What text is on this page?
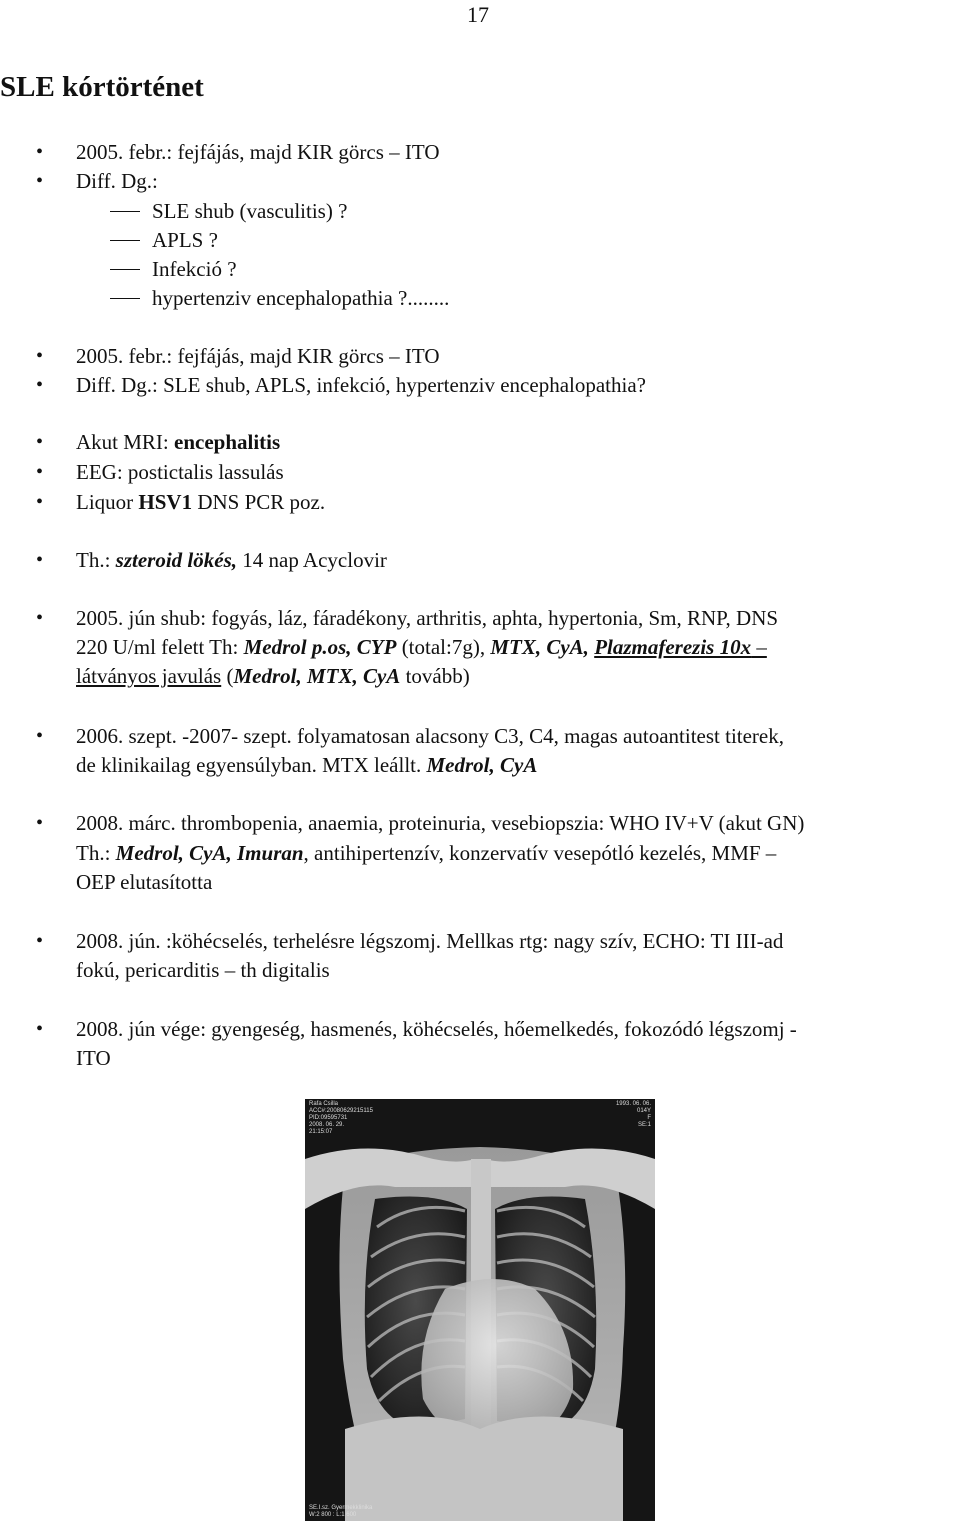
17
SLE kórtörténet
• 2005. febr.: fejfájás, majd KIR görcs – ITO
• Diff. Dg.:
SLE shub (vasculitis) ?
APLS ?
Infekció ?
hypertenziv encephalopathia ?........
• 2005. febr.: fejfájás, majd KIR görcs – ITO
• Diff. Dg.: SLE shub, APLS, infekció, hypertenziv encephalopathia?
• Akut MRI: encephalitis
• EEG: postictalis lassulás
• Liquor HSV1 DNS PCR poz.
• Th.: szteroid lökés, 14 nap Acyclovir
• 2005. jún shub: fogyás, láz, fáradékony, arthritis, aphta, hypertonia, Sm, RNP, DNS
220 U/ml felett Th: Medrol p.os, CYP (total:7g), MTX, CyA, Plazmaferezis 10x –
látványos javulás (Medrol, MTX, CyA tovább)
• 2006. szept. -2007- szept. folyamatosan alacsony C3, C4, magas autoantitest titerek,
de klinikailag egyensúlyban. MTX leállt. Medrol, CyA
• 2008. márc. thrombopenia, anaemia, proteinuria, vesebiopszia: WHO IV+V (akut GN)
Th.: Medrol, CyA, Imuran, antihipertenzív, konzervatív vesepótló kezelés, MMF –
OEP elutasította
• 2008. jún. :köhécselés, terhelésre légszomj. Mellkas rtg: nagy szív, ECHO: TI III-ad
fokú, pericarditis – th digitalis
• 2008. jún vége: gyengeség, hasmenés, köhécselés, hőemelkedés, fokozódó légszomj -
ITO
Rafa Csilla
ACC#:20080629215115
PID:09595731
2008. 06. 29.
21:15:07
1993. 06. 06.
014Y
F
SE:1
SE.I.sz. Gyermekklinika
W:2 800 : L:1 600
